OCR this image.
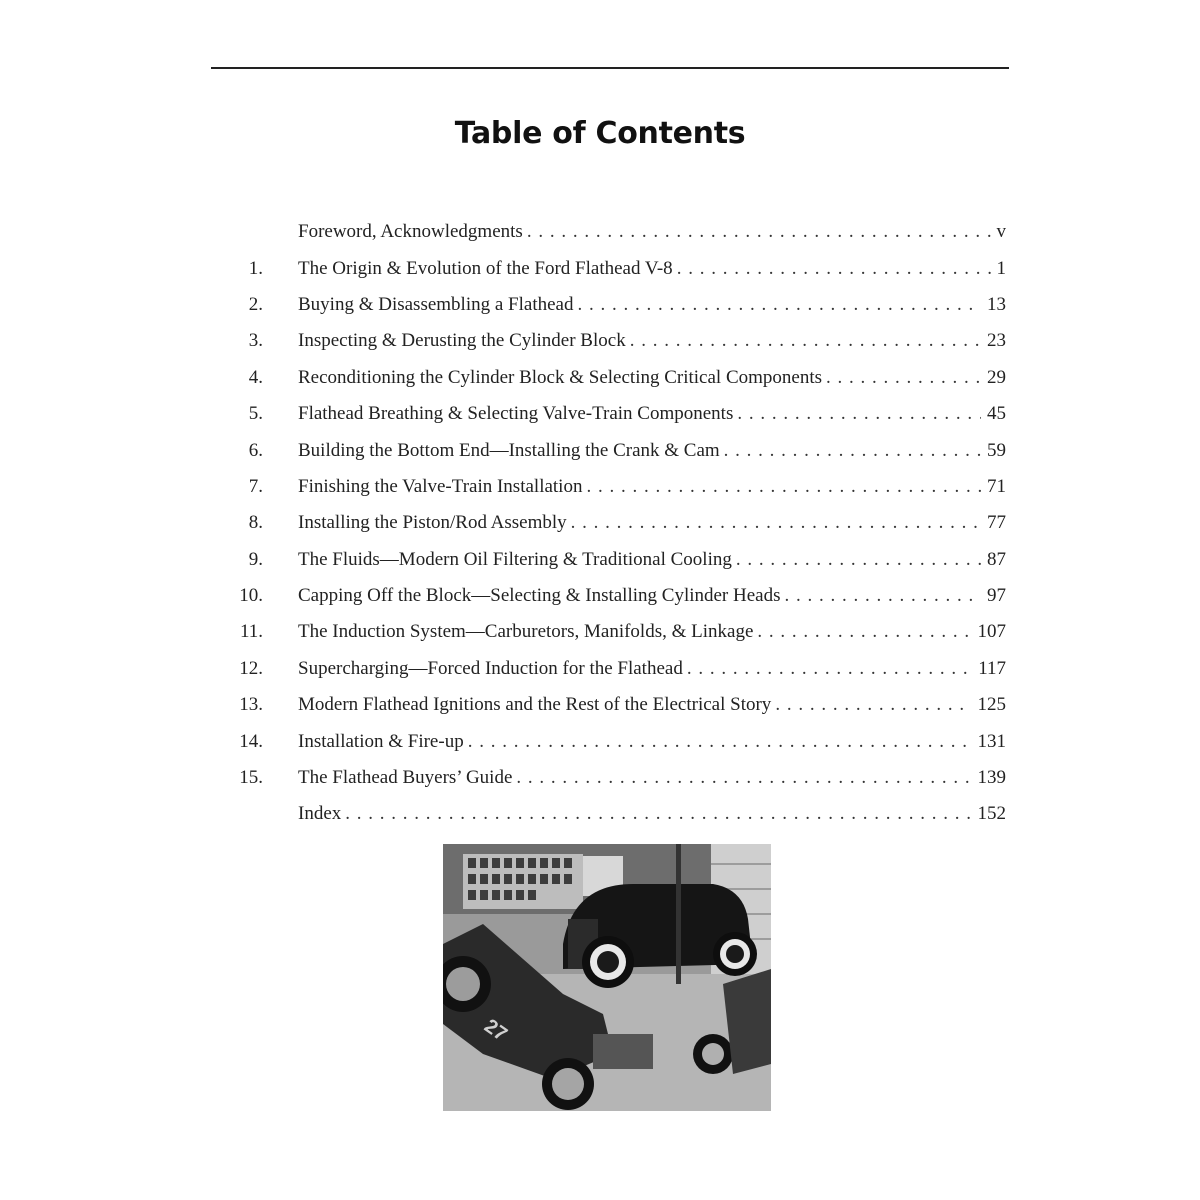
Table of Contents
Foreword, Acknowledgments . . .	v
1. The Origin & Evolution of the Ford Flathead V-8 . . .	1
2. Buying & Disassembling a Flathead . . .	13
3. Inspecting & Derusting the Cylinder Block . . .	23
4. Reconditioning the Cylinder Block & Selecting Critical Components . . .	29
5. Flathead Breathing & Selecting Valve-Train Components . . .	45
6. Building the Bottom End—Installing the Crank & Cam . . .	59
7. Finishing the Valve-Train Installation . . .	71
8. Installing the Piston/Rod Assembly . . .	77
9. The Fluids—Modern Oil Filtering & Traditional Cooling . . .	87
10. Capping Off the Block—Selecting & Installing Cylinder Heads . . .	97
11. The Induction System—Carburetors, Manifolds, & Linkage . . .	107
12. Supercharging—Forced Induction for the Flathead . . .	117
13. Modern Flathead Ignitions and the Rest of the Electrical Story . . .	125
14. Installation & Fire-up . . .	131
15. The Flathead Buyers’ Guide . . .	139
Index . . .	152
27
